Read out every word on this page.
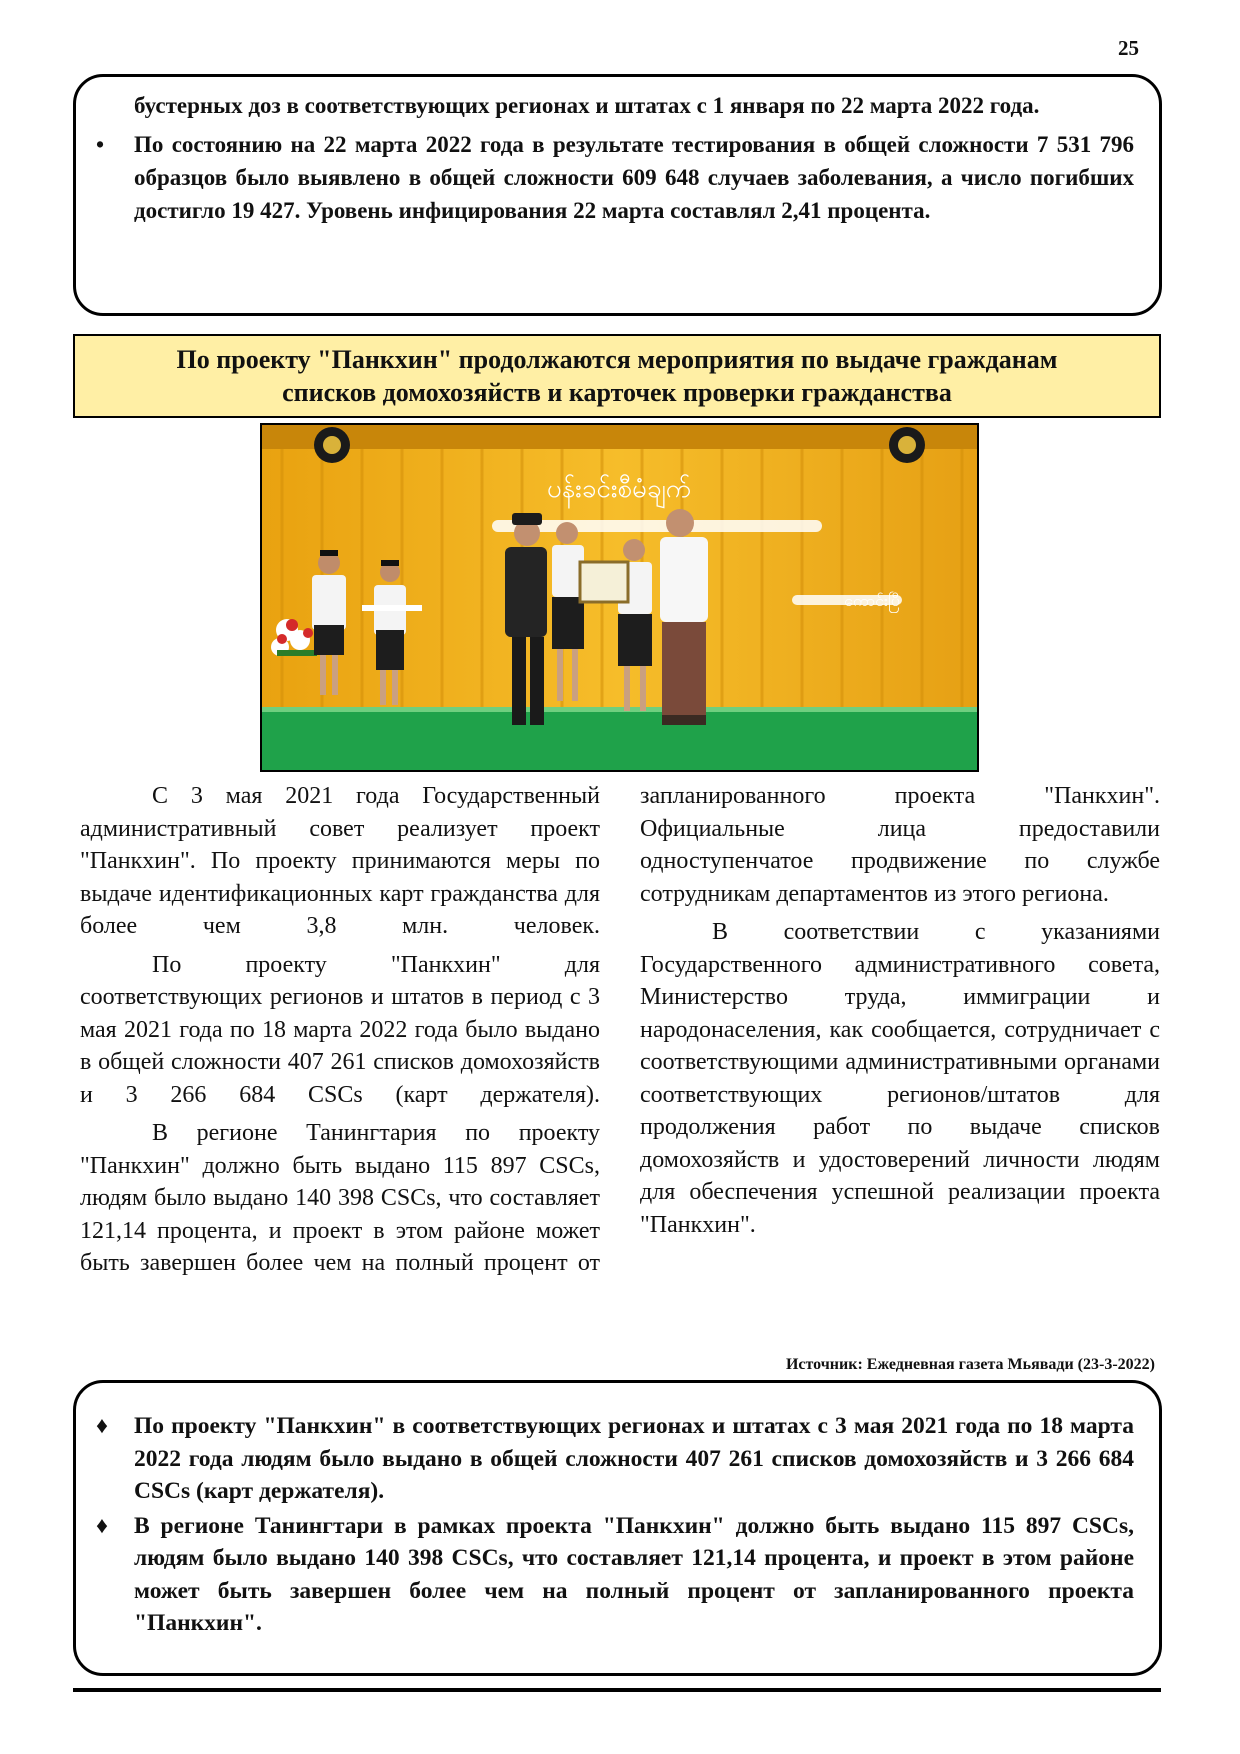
25

бустерных доз в соответствующих регионах и штатах с 1 января по 22 марта 2022 года.

• По состоянию на 22 марта 2022 года в результате тестирования в общей сложности 7 531 796 образцов было выявлено в общей сложности 609 648 случаев заболевания, а число погибших достигло 19 427. Уровень инфицирования 22 марта составлял 2,41 процента.

По проекту "Панкхин" продолжаются мероприятия по выдаче гражданам
списков домохозяйств и карточек проверки гражданства
ပန်းခင်းစီမံချက်
ကောင်းပြီ

С 3 мая 2021 года Государственный административный совет реализует проект "Панкхин". По проекту принимаются меры по выдаче идентификационных карт гражданства для более чем 3,8 млн. человек.

По проекту "Панкхин" для соответствующих регионов и штатов в период с 3 мая 2021 года по 18 марта 2022 года было выдано в общей сложности 407 261 списков домохозяйств и 3 266 684 CSCs (карт держателя).

В регионе Танингтария по проекту "Панкхин" должно быть выдано 115 897 CSCs, людям было выдано 140 398 CSCs, что составляет 121,14 процента, и проект в этом районе может быть завершен более чем на полный процент от

запланированного проекта "Панкхин". Официальные лица предоставили одноступенчатое продвижение по службе сотрудникам департаментов из этого региона.

В соответствии с указаниями Государственного административного совета, Министерство труда, иммиграции и народонаселения, как сообщается, сотрудничает с соответствующими административными органами соответствующих регионов/штатов для продолжения работ по выдаче списков домохозяйств и удостоверений личности людям для обеспечения успешной реализации проекта "Панкхин".

Источник: Ежедневная газета Мьявади (23-3-2022)

♦ По проекту "Панкхин" в соответствующих регионах и штатах с 3 мая 2021 года по 18 марта 2022 года людям было выдано в общей сложности 407 261 списков домохозяйств и 3 266 684 CSCs (карт держателя).

♦ В регионе Танингтари в рамках проекта "Панкхин" должно быть выдано 115 897 CSCs, людям было выдано 140 398 CSCs, что составляет 121,14 процента, и проект в этом районе может быть завершен более чем на полный процент от запланированного проекта "Панкхин".
